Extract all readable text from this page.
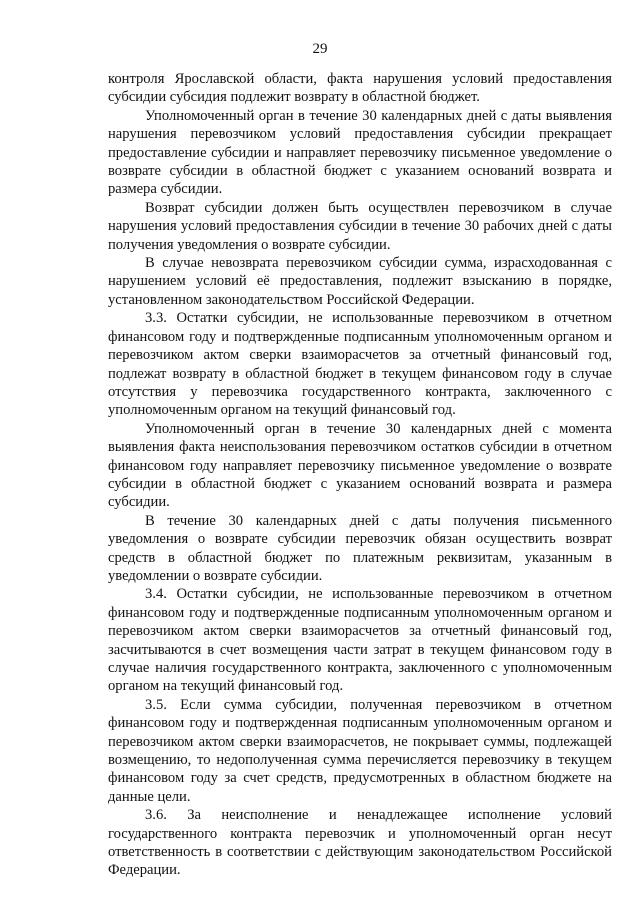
29

контроля Ярославской области, факта нарушения условий предоставления субсидии субсидия подлежит возврату в областной бюджет.

Уполномоченный орган в течение 30 календарных дней с даты выявления нарушения перевозчиком условий предоставления субсидии прекращает предоставление субсидии и направляет перевозчику письменное уведомление о возврате субсидии в областной бюджет с указанием оснований возврата и размера субсидии.

Возврат субсидии должен быть осуществлен перевозчиком в случае нарушения условий предоставления субсидии в течение 30 рабочих дней с даты получения уведомления о возврате субсидии.

В случае невозврата перевозчиком субсидии сумма, израсходованная с нарушением условий её предоставления, подлежит взысканию в порядке, установленном законодательством Российской Федерации.

3.3. Остатки субсидии, не использованные перевозчиком в отчетном финансовом году и подтвержденные подписанным уполномоченным органом и перевозчиком актом сверки взаиморасчетов за отчетный финансовый год, подлежат возврату в областной бюджет в текущем финансовом году в случае отсутствия у перевозчика государственного контракта, заключенного с уполномоченным органом на текущий финансовый год.

Уполномоченный орган в течение 30 календарных дней с момента выявления факта неиспользования перевозчиком остатков субсидии в отчетном финансовом году направляет перевозчику письменное уведомление о возврате субсидии в областной бюджет с указанием оснований возврата и размера субсидии.

В течение 30 календарных дней с даты получения письменного уведомления о возврате субсидии перевозчик обязан осуществить возврат средств в областной бюджет по платежным реквизитам, указанным в уведомлении о возврате субсидии.

3.4. Остатки субсидии, не использованные перевозчиком в отчетном финансовом году и подтвержденные подписанным уполномоченным органом и перевозчиком актом сверки взаиморасчетов за отчетный финансовый год, засчитываются в счет возмещения части затрат в текущем финансовом году в случае наличия государственного контракта, заключенного с уполномоченным органом на текущий финансовый год.

3.5. Если сумма субсидии, полученная перевозчиком в отчетном финансовом году и подтвержденная подписанным уполномоченным органом и перевозчиком актом сверки взаиморасчетов, не покрывает суммы, подлежащей возмещению, то недополученная сумма перечисляется перевозчику в текущем финансовом году за счет средств, предусмотренных в областном бюджете на данные цели.

3.6. За неисполнение и ненадлежащее исполнение условий государственного контракта перевозчик и уполномоченный орган несут ответственность в соответствии с действующим законодательством Российской Федерации.
